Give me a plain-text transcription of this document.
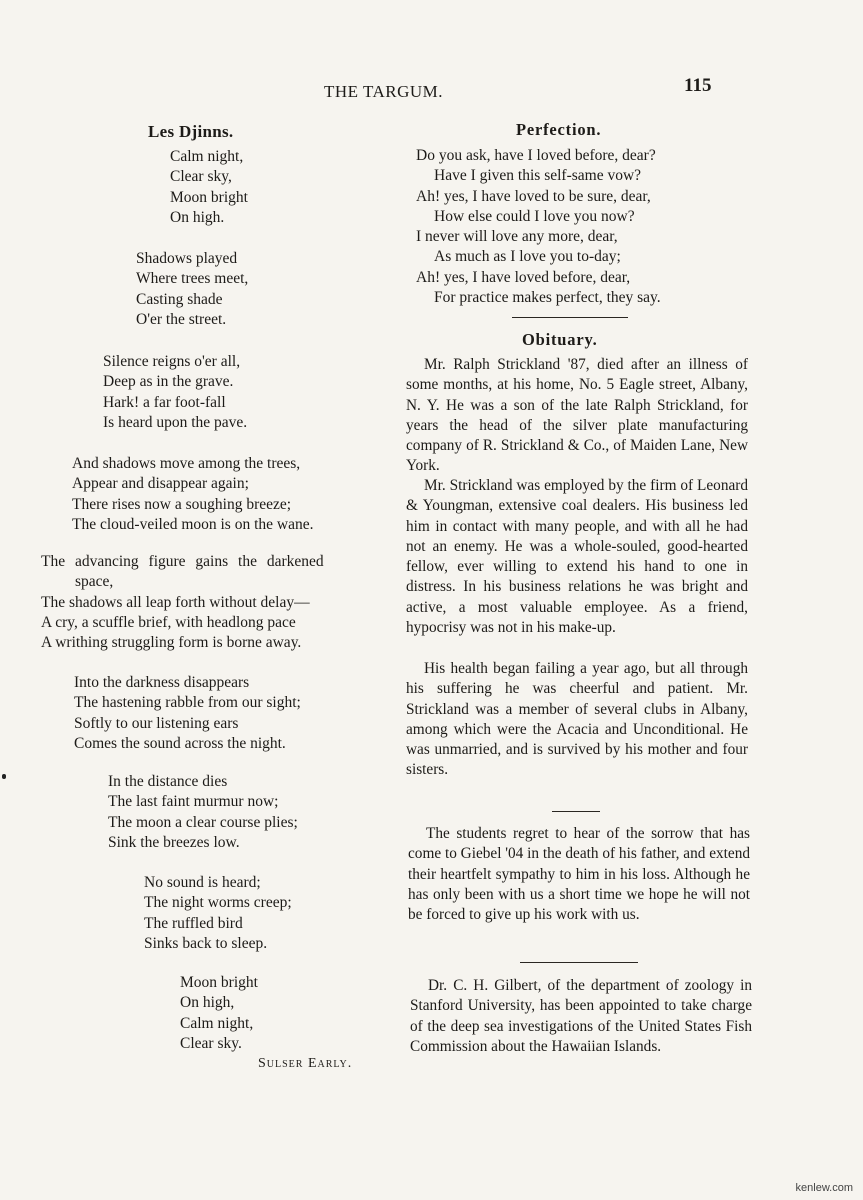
THE TARGUM.	115
Les Djinns.
Calm night,
Clear sky,
Moon bright
On high.
Shadows played
Where trees meet,
Casting shade
O'er the street.
Silence reigns o'er all,
Deep as in the grave.
Hark! a far foot-fall
Is heard upon the pave.
And shadows move among the trees,
Appear and disappear again;
There rises now a soughing breeze;
The cloud-veiled moon is on the wane.
The advancing figure gains the darkened
space,
The shadows all leap forth without delay—
A cry, a scuffle brief, with headlong pace
A writhing struggling form is borne away.
Into the darkness disappears
The hastening rabble from our sight;
Softly to our listening ears
Comes the sound across the night.
In the distance dies
The last faint murmur now;
The moon a clear course plies;
Sink the breezes low.
No sound is heard;
The night worms creep;
The ruffled bird
Sinks back to sleep.
Moon bright
On high,
Calm night,
Clear sky.
Sulser Early.
Perfection.
Do you ask, have I loved before, dear?
Have I given this self-same vow?
Ah! yes, I have loved to be sure, dear,
How else could I love you now?
I never will love any more, dear,
As much as I love you to-day;
Ah! yes, I have loved before, dear,
For practice makes perfect, they say.
Obituary.
Mr. Ralph Strickland '87, died after an illness of some months, at his home, No. 5 Eagle street, Albany, N. Y. He was a son of the late Ralph Strickland, for years the head of the silver plate manufacturing company of R. Strickland & Co., of Maiden Lane, New York.
Mr. Strickland was employed by the firm of Leonard & Youngman, extensive coal dealers. His business led him in contact with many people, and with all he had not an enemy. He was a whole-souled, good-hearted fellow, ever willing to extend his hand to one in distress. In his business relations he was bright and active, a most valuable employee. As a friend, hypocrisy was not in his make-up.
His health began failing a year ago, but all through his suffering he was cheerful and patient. Mr. Strickland was a member of several clubs in Albany, among which were the Acacia and Unconditional. He was unmarried, and is survived by his mother and four sisters.
The students regret to hear of the sorrow that has come to Giebel '04 in the death of his father, and extend their heartfelt sympathy to him in his loss. Although he has only been with us a short time we hope he will not be forced to give up his work with us.
Dr. C. H. Gilbert, of the department of zoology in Stanford University, has been appointed to take charge of the deep sea investigations of the United States Fish Commission about the Hawaiian Islands.
kenlew.com
